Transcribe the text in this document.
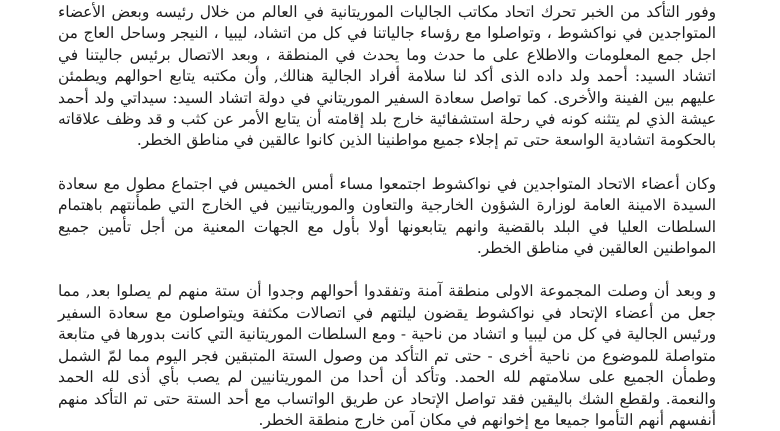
وفور التأكد من الخبر تحرك اتحاد مكاتب الجاليات الموريتانية في العالم من خلال رئيسه وبعض الأعضاء المتواجدين في نواكشوط ، وتواصلوا مع رؤساء جالياتنا في كل من اتشاد، ليبيا ، النيجر وساحل العاج من اجل جمع المعلومات والاطلاع على ما حدث وما يحدث في المنطقة ، وبعد الاتصال برئيس جاليتنا في اتشاد السيد: أحمد ولد داده الذى أكد لنا سلامة أفراد الجالية هنالك, وأن مكتبه يتابع احوالهم ويطمئن عليهم بين الفينة والأخرى. كما تواصل سعادة السفير الموريتاني في دولة اتشاد السيد: سيداتي ولد أحمد عيشة الذي لم يتثنه كونه في رحلة استشفائية خارج بلد إقامته أن يتابع الأمر عن كثب و قد وظف علاقاته بالحكومة اتشادية الواسعة حتى تم إجلاء جميع مواطنينا الذين كانوا عالقين في مناطق الخطر.

وكان أعضاء الاتحاد المتواجدين في نواكشوط اجتمعوا مساء أمس الخميس في اجتماع مطول مع سعادة السيدة الامينة العامة لوزارة الشؤون الخارجية والتعاون والموريتانيين في الخارج التي طمأنتهم باهتمام السلطات العليا في البلد بالقضية وانهم يتابعونها أولا بأول مع الجهات المعنية من أجل تأمين جميع المواطنين العالقين في مناطق الخطر.

و وبعد أن وصلت المجموعة الاولى منطقة آمنة وتفقدوا أحوالهم وجدوا أن ستة منهم لم يصلوا بعد, مما جعل من أعضاء الإتحاد في نواكشوط يقضون ليلتهم في اتصالات مكثفة ويتواصلون مع سعادة السفير ورئيس الجالية في كل من ليبيا و اتشاد من ناحية - ومع السلطات الموريتانية التي كانت بدورها في متابعة متواصلة للموضوع من ناحية أخرى - حتى تم التأكد من وصول الستة المتبقين فجر اليوم مما لمّ الشمل وطمأن الجميع على سلامتهم لله الحمد. وتأكد أن أحدا من الموريتانيين لم يصب بأي أذى لله الحمد والنعمة. ولقطع الشك باليقين فقد تواصل الإتحاد عن طريق الواتساب مع أحد الستة حتى تم التأكد منهم أنفسهم أنهم التأموا جميعا مع إخوانهم في مكان آمن خارج منطقة الخطر.
